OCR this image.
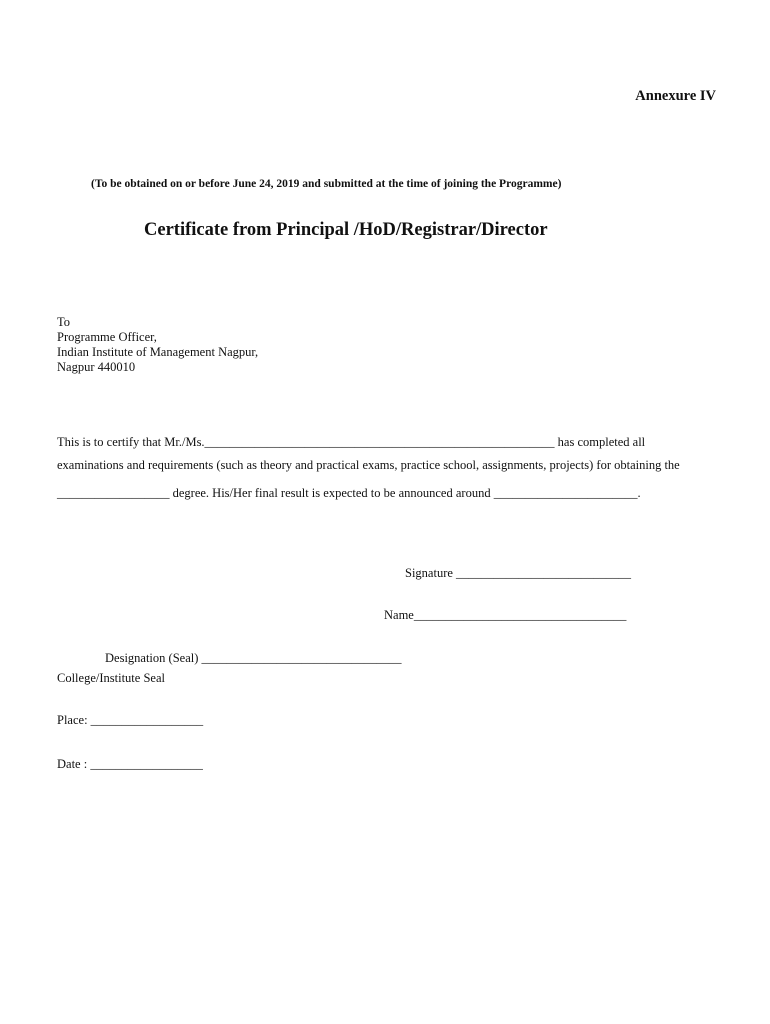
Annexure IV
(To be obtained on or before June 24, 2019 and submitted at the time of joining the Programme)
Certificate from Principal /HoD/Registrar/Director
To
Programme Officer,
Indian Institute of Management Nagpur,
Nagpur 440010
This is to certify that Mr./Ms.________________________________________________________ has completed all
examinations and requirements (such as theory and practical exams, practice school, assignments, projects) for obtaining the
__________________ degree. His/Her final result is expected to be announced around _______________________.
Signature ____________________________
Name__________________________________
Designation (Seal) ________________________________
College/Institute Seal
Place: __________________
Date : __________________
